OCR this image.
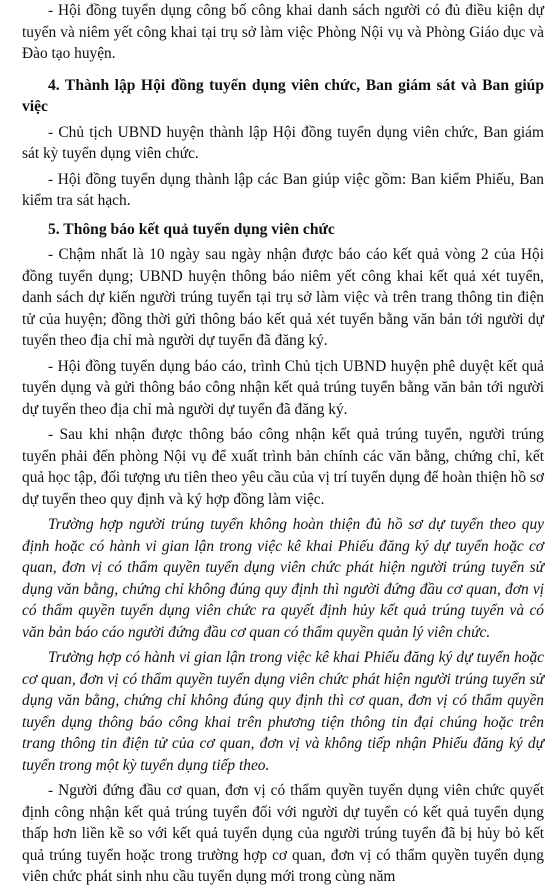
- Hội đồng tuyển dụng công bố công khai danh sách người có đủ điều kiện dự tuyển và niêm yết công khai tại trụ sở làm việc Phòng Nội vụ và Phòng Giáo dục và Đào tạo huyện.

4. Thành lập Hội đồng tuyển dụng viên chức, Ban giám sát và Ban giúp việc

- Chủ tịch UBND huyện thành lập Hội đồng tuyển dụng viên chức, Ban giám sát kỳ tuyển dụng viên chức.

- Hội đồng tuyển dụng thành lập các Ban giúp việc gồm: Ban kiểm Phiếu, Ban kiểm tra sát hạch.

5. Thông báo kết quả tuyển dụng viên chức

- Chậm nhất là 10 ngày sau ngày nhận được báo cáo kết quả vòng 2 của Hội đồng tuyển dụng; UBND huyện thông báo niêm yết công khai kết quả xét tuyển, danh sách dự kiến người trúng tuyển tại trụ sở làm việc và trên trang thông tin điện tử của huyện; đồng thời gửi thông báo kết quả xét tuyển bằng văn bản tới người dự tuyển theo địa chỉ mà người dự tuyển đã đăng ký.

- Hội đồng tuyển dụng báo cáo, trình Chủ tịch UBND huyện phê duyệt kết quả tuyển dụng và gửi thông báo công nhận kết quả trúng tuyển bằng văn bản tới người dự tuyển theo địa chỉ mà người dự tuyển đã đăng ký.

- Sau khi nhận được thông báo công nhận kết quả trúng tuyển, người trúng tuyển phải đến phòng Nội vụ để xuất trình bản chính các văn bằng, chứng chỉ, kết quả học tập, đối tượng ưu tiên theo yêu cầu của vị trí tuyển dụng để hoàn thiện hồ sơ dự tuyển theo quy định và ký hợp đồng làm việc.

Trường hợp người trúng tuyển không hoàn thiện đủ hồ sơ dự tuyển theo quy định hoặc có hành vi gian lận trong việc kê khai Phiếu đăng ký dự tuyển hoặc cơ quan, đơn vị có thẩm quyền tuyển dụng viên chức phát hiện người trúng tuyển sử dụng văn bằng, chứng chỉ không đúng quy định thì người đứng đầu cơ quan, đơn vị có thẩm quyền tuyển dụng viên chức ra quyết định hủy kết quả trúng tuyển và có văn bản báo cáo người đứng đầu cơ quan có thẩm quyền quản lý viên chức.

Trường hợp có hành vi gian lận trong việc kê khai Phiếu đăng ký dự tuyển hoặc cơ quan, đơn vị có thẩm quyền tuyển dụng viên chức phát hiện người trúng tuyển sử dụng văn bằng, chứng chỉ không đúng quy định thì cơ quan, đơn vị có thẩm quyền tuyển dụng thông báo công khai trên phương tiện thông tin đại chúng hoặc trên trang thông tin điện tử của cơ quan, đơn vị và không tiếp nhận Phiếu đăng ký dự tuyển trong một kỳ tuyển dụng tiếp theo.

- Người đứng đầu cơ quan, đơn vị có thẩm quyền tuyển dụng viên chức quyết định công nhận kết quả trúng tuyển đối với người dự tuyển có kết quả tuyển dụng thấp hơn liền kề so với kết quả tuyển dụng của người trúng tuyển đã bị hủy bỏ kết quả trúng tuyển hoặc trong trường hợp cơ quan, đơn vị có thẩm quyền tuyển dụng viên chức phát sinh nhu cầu tuyển dụng mới trong cùng năm
